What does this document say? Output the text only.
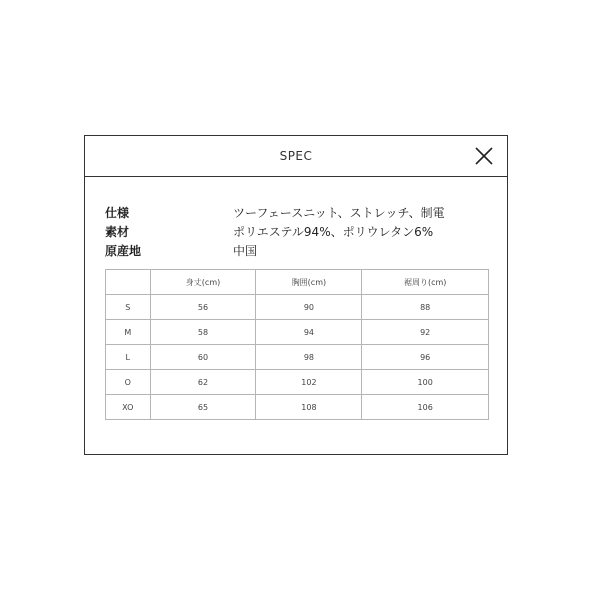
SPEC
仕様	ツーフェースニット、ストレッチ、制電
素材	ポリエステル94%、ポリウレタン6%
原産地	中国
	身丈(cm)	胸囲(cm)	裾周り(cm)
S	56	90	88
M	58	94	92
L	60	98	96
O	62	102	100
XO	65	108	106
